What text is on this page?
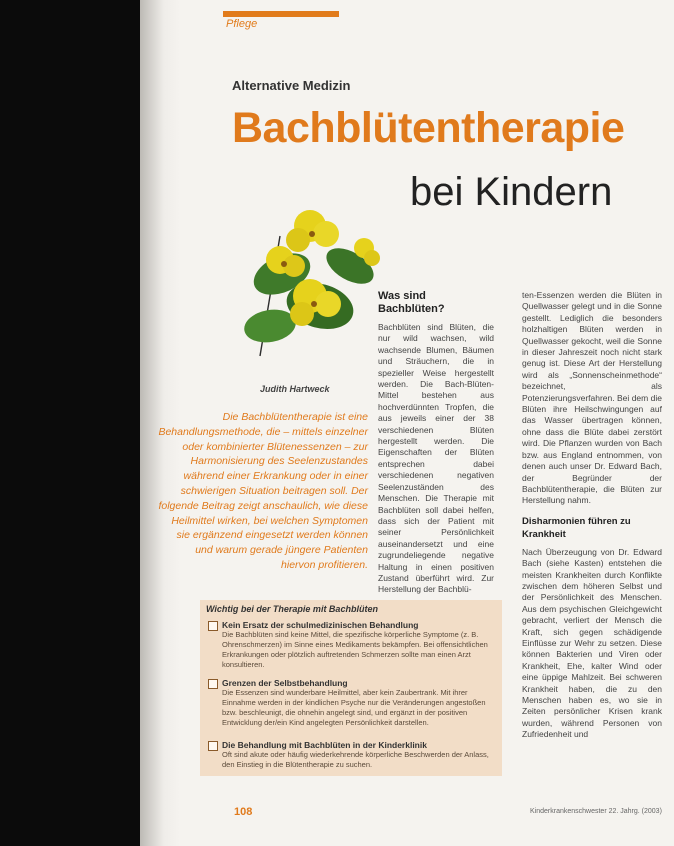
Pflege
Alternative Medizin
Bachblütentherapie
bei Kindern
Judith Hartweck
Die Bachblütentherapie ist eine Behandlungsmethode, die – mittels einzelner oder kombinierter Blütenessenzen – zur Harmonisierung des Seelenzustandes während einer Erkrankung oder in einer schwierigen Situation beitragen soll. Der folgende Beitrag zeigt anschaulich, wie diese Heilmittel wirken, bei welchen Symptomen sie ergänzend eingesetzt werden können und warum gerade jüngere Patienten hiervon profitieren.
Was sind Bachblüten?
Bachblüten sind Blüten, die nur wild wachsen, wild wachsende Blumen, Bäumen und Sträuchern, die in spezieller Weise hergestellt werden. Die Bach-Blüten-Mittel bestehen aus hochverdünnten Tropfen, die aus jeweils einer der 38 verschiedenen Blüten hergestellt werden. Die Eigenschaften der Blüten entsprechen dabei verschiedenen negativen Seelenzuständen des Menschen. Die Therapie mit Bachblüten soll dabei helfen, dass sich der Patient mit seiner Persönlichkeit auseinandersetzt und eine zugrundeliegende negative Haltung in einen positiven Zustand überführt wird. Zur Herstellung der Bachblü-
ten-Essenzen werden die Blüten in Quellwasser gelegt und in die Sonne gestellt. Lediglich die besonders holzhaltigen Blüten werden in Quellwasser gekocht, weil die Sonne in dieser Jahreszeit noch nicht stark genug ist. Diese Art der Herstellung wird als „Sonnenscheinmethode“ bezeichnet, als Potenzierungsverfahren. Bei dem die Blüten ihre Heilschwingungen auf das Wasser übertragen können, ohne dass die Blüte dabei zerstört wird. Die Pflanzen wurden von Bach bzw. aus England entnommen, von denen auch unser Dr. Edward Bach, der Begründer der Bachblütentherapie, die Blüten zur Herstellung nahm.
Disharmonien führen zu Krankheit
Nach Überzeugung von Dr. Edward Bach (siehe Kasten) entstehen die meisten Krankheiten durch Konflikte zwischen dem höheren Selbst und der Persönlichkeit des Menschen. Aus dem psychischen Gleichgewicht gebracht, verliert der Mensch die Kraft, sich gegen schädigende Einflüsse zur Wehr zu setzen. Diese können Bakterien und Viren oder Krankheit, Ehe, kalter Wind oder eine üppige Mahlzeit. Bei schweren Krankheit haben, die zu den Menschen haben es, wo sie in Zeiten persönlicher Krisen krank wurden, während Personen von Zufriedenheit und
Wichtig bei der Therapie mit Bachblüten
Kein Ersatz der schulmedizinischen Behandlung
Die Bachblüten sind keine Mittel, die spezifische körperliche Symptome (z. B. Ohrenschmerzen) im Sinne eines Medikaments bekämpfen. Bei offensichtlichen Erkrankungen oder plötzlich auftretenden Schmerzen sollte man einen Arzt konsultieren.
Grenzen der Selbstbehandlung
Die Essenzen sind wunderbare Heilmittel, aber kein Zaubertrank. Mit ihrer Einnahme werden in der kindlichen Psyche nur die Veränderungen angestoßen bzw. beschleunigt, die ohnehin angelegt sind, und ergänzt in der positiven Entwicklung der/ein Kind angelegten Persönlichkeit darstellen.
Die Behandlung mit Bachblüten in der Kinderklinik
Oft sind akute oder häufig wiederkehrende körperliche Beschwerden der Anlass, den Einstieg in die Blütentherapie zu suchen.
108	Kinderkrankenschwester 22. Jahrg. (2003)
